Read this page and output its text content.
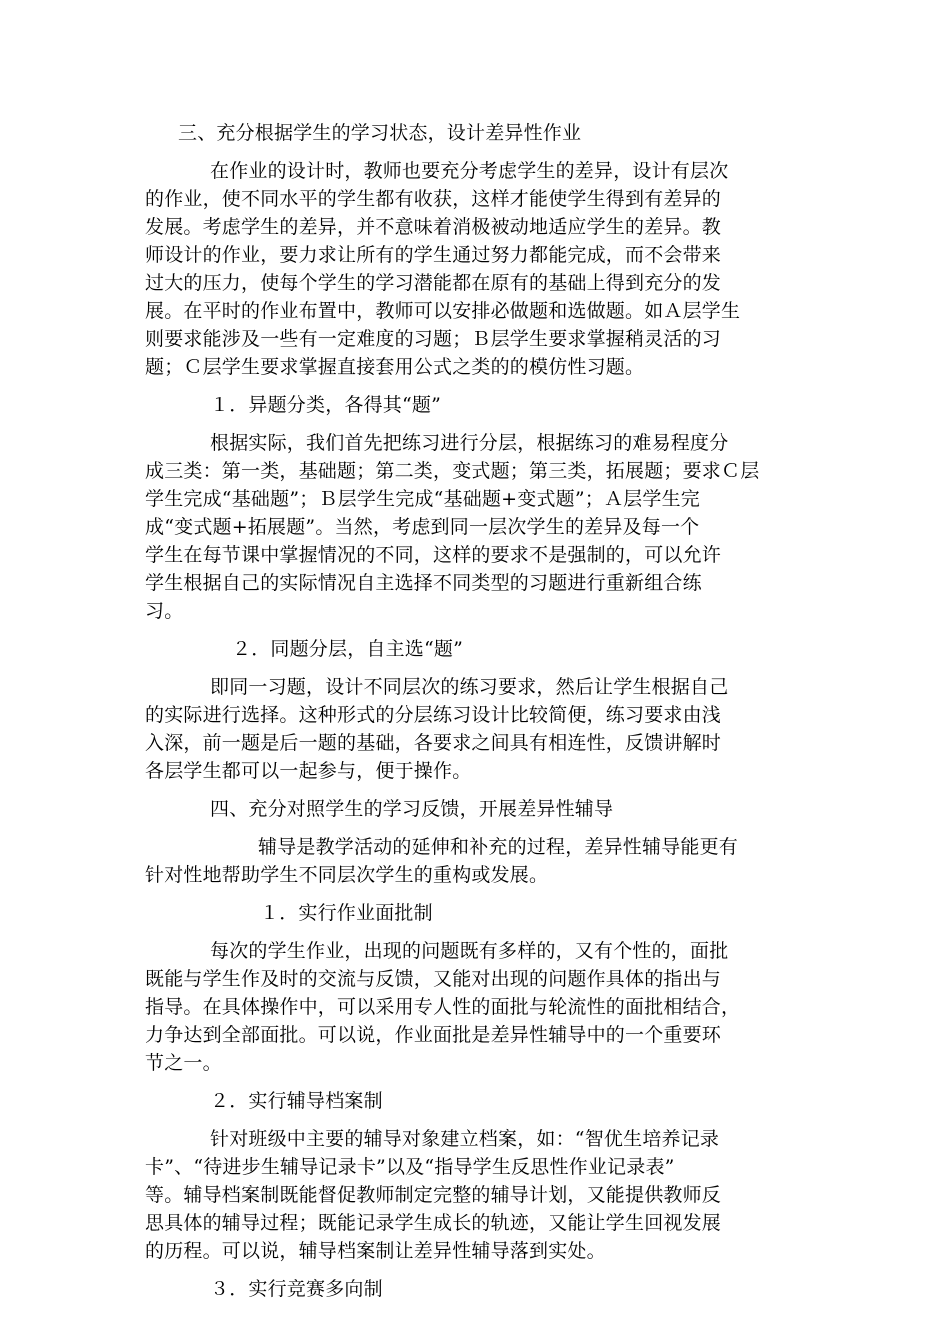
三、充分根据学生的学习状态，设计差异性作业
在作业的设计时，教师也要充分考虑学生的差异，设计有层次
的作业，使不同水平的学生都有收获，这样才能使学生得到有差异的
发展。考虑学生的差异，并不意味着消极被动地适应学生的差异。教
师设计的作业，要力求让所有的学生通过努力都能完成，而不会带来
过大的压力，使每个学生的学习潜能都在原有的基础上得到充分的发
展。在平时的作业布置中，教师可以安排必做题和选做题。如Ａ层学生
则要求能涉及一些有一定难度的习题；Ｂ层学生要求掌握稍灵活的习
题；Ｃ层学生要求掌握直接套用公式之类的的模仿性习题。
１．异题分类，各得其“题”
根据实际，我们首先把练习进行分层，根据练习的难易程度分
成三类：第一类，基础题；第二类，变式题；第三类，拓展题；要求Ｃ层
学生完成“基础题”；Ｂ层学生完成“基础题+变式题”；Ａ层学生完
成“变式题+拓展题”。当然，考虑到同一层次学生的差异及每一个
学生在每节课中掌握情况的不同，这样的要求不是强制的，可以允许
学生根据自己的实际情况自主选择不同类型的习题进行重新组合练
习。
２．同题分层，自主选“题”
即同一习题，设计不同层次的练习要求，然后让学生根据自己
的实际进行选择。这种形式的分层练习设计比较简便，练习要求由浅
入深，前一题是后一题的基础，各要求之间具有相连性，反馈讲解时
各层学生都可以一起参与，便于操作。
四、充分对照学生的学习反馈，开展差异性辅导
辅导是教学活动的延伸和补充的过程，差异性辅导能更有
针对性地帮助学生不同层次学生的重构或发展。
１．实行作业面批制
每次的学生作业，出现的问题既有多样的，又有个性的，面批
既能与学生作及时的交流与反馈，又能对出现的问题作具体的指出与
指导。在具体操作中，可以采用专人性的面批与轮流性的面批相结合，
力争达到全部面批。可以说，作业面批是差异性辅导中的一个重要环
节之一。
２．实行辅导档案制
针对班级中主要的辅导对象建立档案，如：“智优生培养记录
卡”、“待进步生辅导记录卡”以及“指导学生反思性作业记录表”
等。辅导档案制既能督促教师制定完整的辅导计划，又能提供教师反
思具体的辅导过程；既能记录学生成长的轨迹，又能让学生回视发展
的历程。可以说，辅导档案制让差异性辅导落到实处。
３．实行竞赛多向制
